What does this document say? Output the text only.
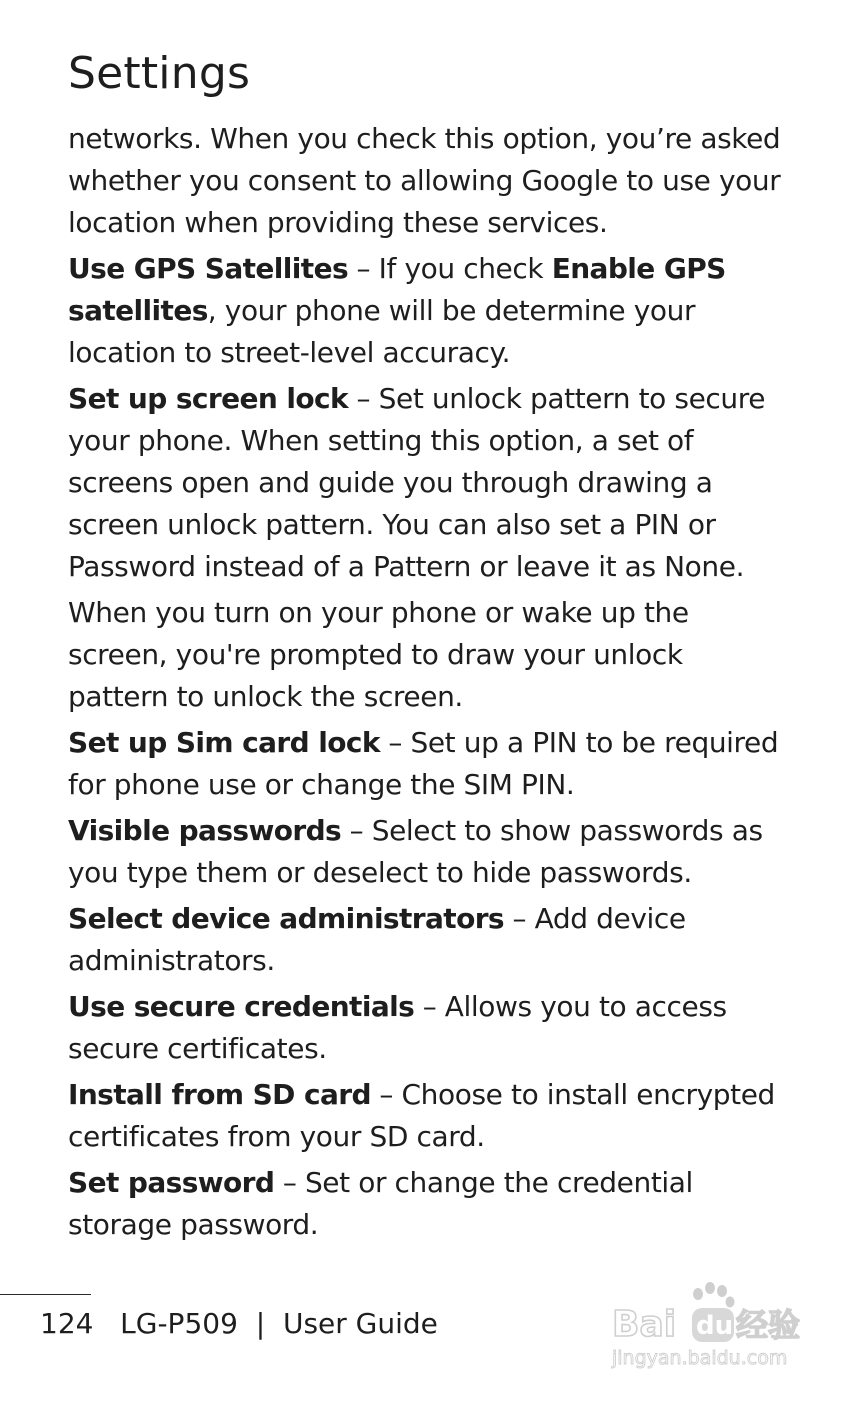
Settings

networks. When you check this option, you’re asked whether you consent to allowing Google to use your location when providing these services.

Use GPS Satellites – If you check Enable GPS satellites, your phone will be determine your location to street-level accuracy.

Set up screen lock – Set unlock pattern to secure your phone. When setting this option, a set of screens open and guide you through drawing a screen unlock pattern. You can also set a PIN or Password instead of a Pattern or leave it as None.

When you turn on your phone or wake up the screen, you're prompted to draw your unlock pattern to unlock the screen.

Set up Sim card lock – Set up a PIN to be required for phone use or change the SIM PIN.

Visible passwords – Select to show passwords as you type them or deselect to hide passwords.

Select device administrators – Add device administrators.

Use secure credentials – Allows you to access secure certificates.

Install from SD card – Choose to install encrypted certificates from your SD card.

Set password – Set or change the credential storage password.

124 LG-P509 | User Guide	Bai du 经验
jingyan.baidu.com
